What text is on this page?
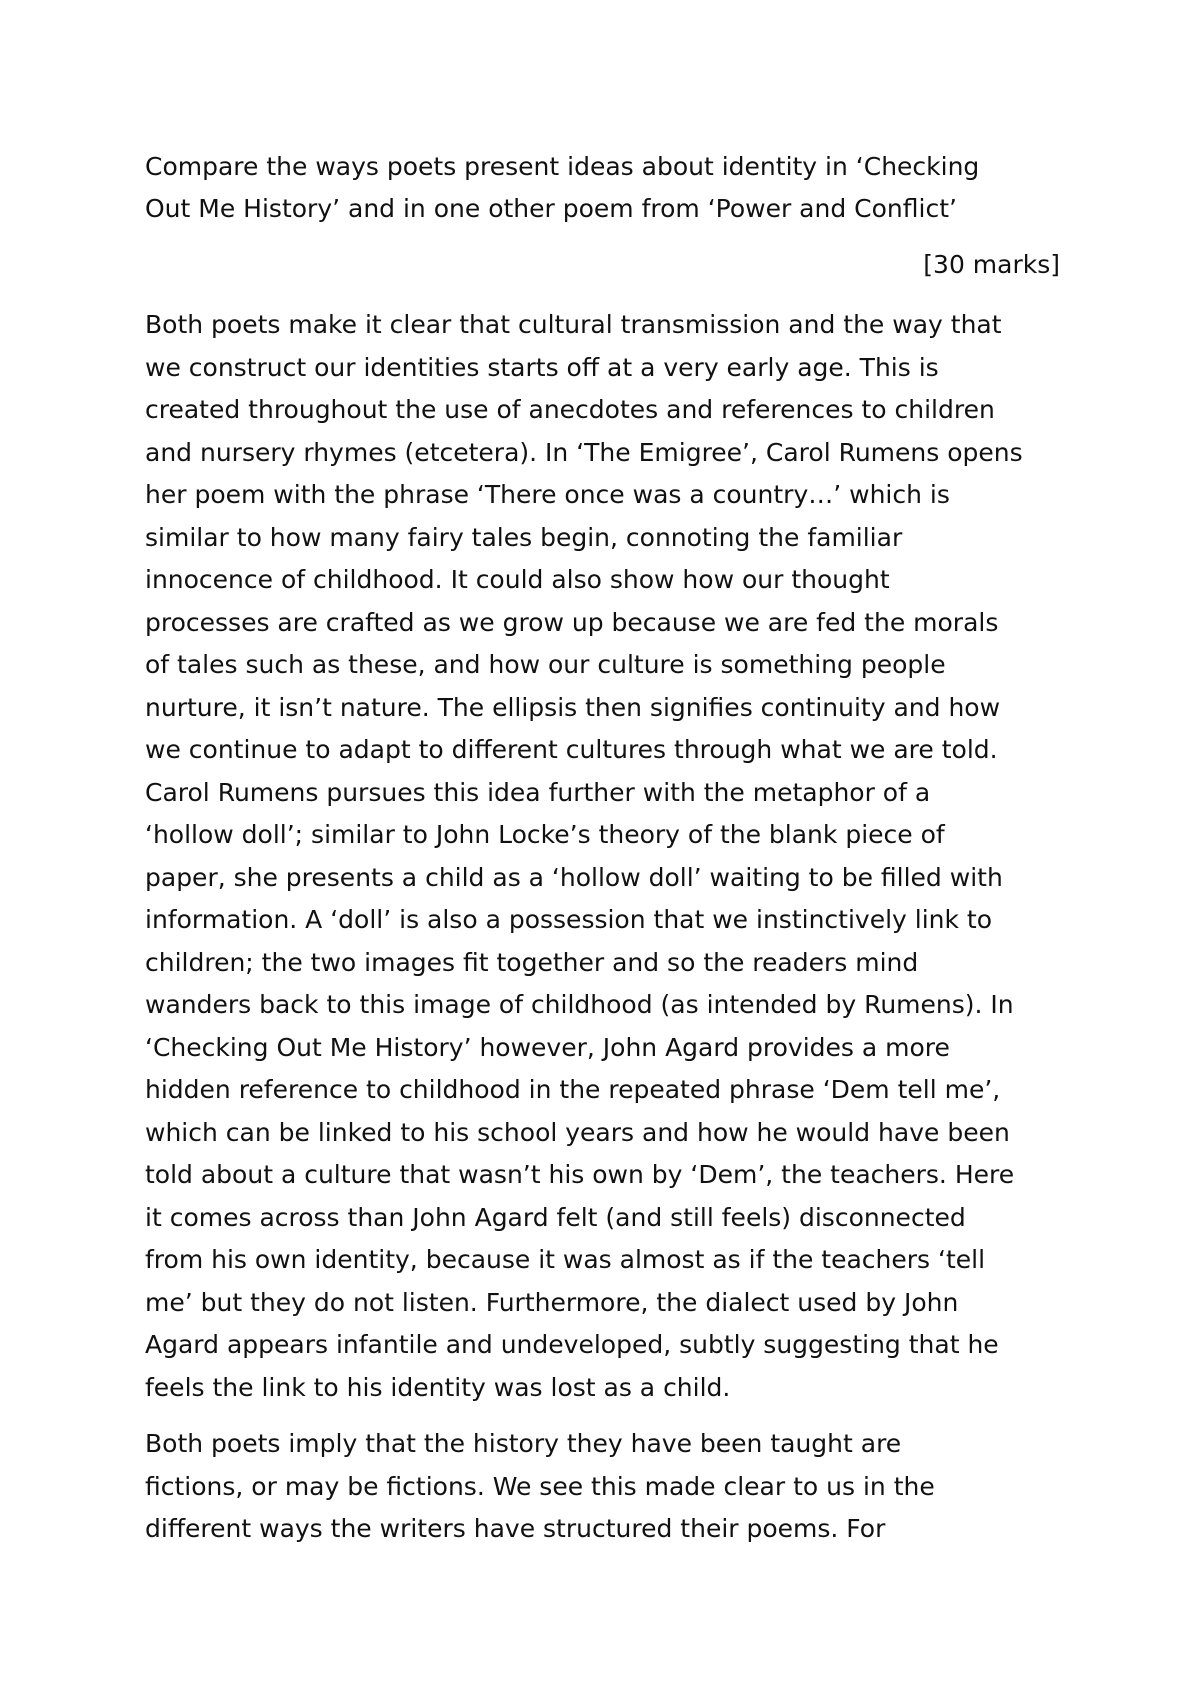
Compare the ways poets present ideas about identity in ‘Checking
Out Me History’ and in one other poem from ‘Power and Conflict’

[30 marks]

Both poets make it clear that cultural transmission and the way that
we construct our identities starts off at a very early age. This is
created throughout the use of anecdotes and references to children
and nursery rhymes (etcetera). In ‘The Emigree’, Carol Rumens opens
her poem with the phrase ‘There once was a country…’ which is
similar to how many fairy tales begin, connoting the familiar
innocence of childhood. It could also show how our thought
processes are crafted as we grow up because we are fed the morals
of tales such as these, and how our culture is something people
nurture, it isn’t nature. The ellipsis then signifies continuity and how
we continue to adapt to different cultures through what we are told.
Carol Rumens pursues this idea further with the metaphor of a
‘hollow doll’; similar to John Locke’s theory of the blank piece of
paper, she presents a child as a ‘hollow doll’ waiting to be filled with
information. A ‘doll’ is also a possession that we instinctively link to
children; the two images fit together and so the readers mind
wanders back to this image of childhood (as intended by Rumens). In
‘Checking Out Me History’ however, John Agard provides a more
hidden reference to childhood in the repeated phrase ‘Dem tell me’,
which can be linked to his school years and how he would have been
told about a culture that wasn’t his own by ‘Dem’, the teachers. Here
it comes across than John Agard felt (and still feels) disconnected
from his own identity, because it was almost as if the teachers ‘tell
me’ but they do not listen. Furthermore, the dialect used by John
Agard appears infantile and undeveloped, subtly suggesting that he
feels the link to his identity was lost as a child.

Both poets imply that the history they have been taught are
fictions, or may be fictions. We see this made clear to us in the
different ways the writers have structured their poems. For
